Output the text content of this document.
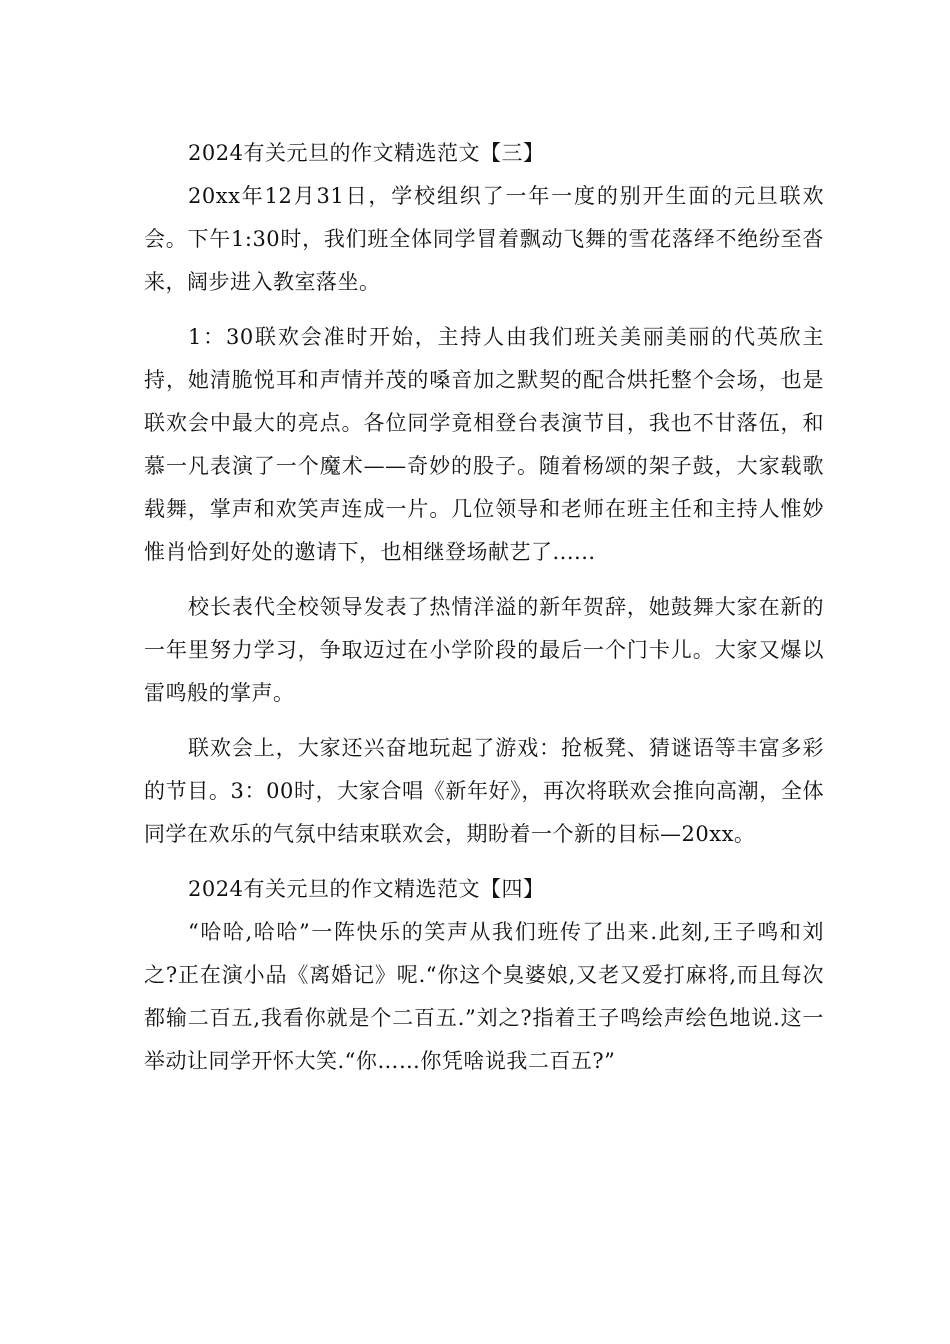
2024有关元旦的作文精选范文【三】

20xx年12月31日，学校组织了一年一度的别开生面的元旦联欢会。下午1:30时，我们班全体同学冒着飘动飞舞的雪花落绎不绝纷至沓来，阔步进入教室落坐。

1：30联欢会准时开始，主持人由我们班关美丽美丽的代英欣主持，她清脆悦耳和声情并茂的嗓音加之默契的配合烘托整个会场，也是联欢会中最大的亮点。各位同学竟相登台表演节目，我也不甘落伍，和慕一凡表演了一个魔术——奇妙的股子。随着杨颂的架子鼓，大家载歌载舞，掌声和欢笑声连成一片。几位领导和老师在班主任和主持人惟妙惟肖恰到好处的邀请下，也相继登场献艺了......

校长表代全校领导发表了热情洋溢的新年贺辞，她鼓舞大家在新的一年里努力学习，争取迈过在小学阶段的最后一个门卡儿。大家又爆以雷鸣般的掌声。

联欢会上，大家还兴奋地玩起了游戏：抢板凳、猜谜语等丰富多彩的节目。3：00时，大家合唱《新年好》，再次将联欢会推向高潮，全体同学在欢乐的气氛中结束联欢会，期盼着一个新的目标—20xx。

2024有关元旦的作文精选范文【四】

“哈哈,哈哈”一阵快乐的笑声从我们班传了出来.此刻,王子鸣和刘之?正在演小品《离婚记》呢.“你这个臭婆娘,又老又爱打麻将,而且每次都输二百五,我看你就是个二百五.”刘之?指着王子鸣绘声绘色地说.这一举动让同学开怀大笑.“你……你凭啥说我二百五?”
